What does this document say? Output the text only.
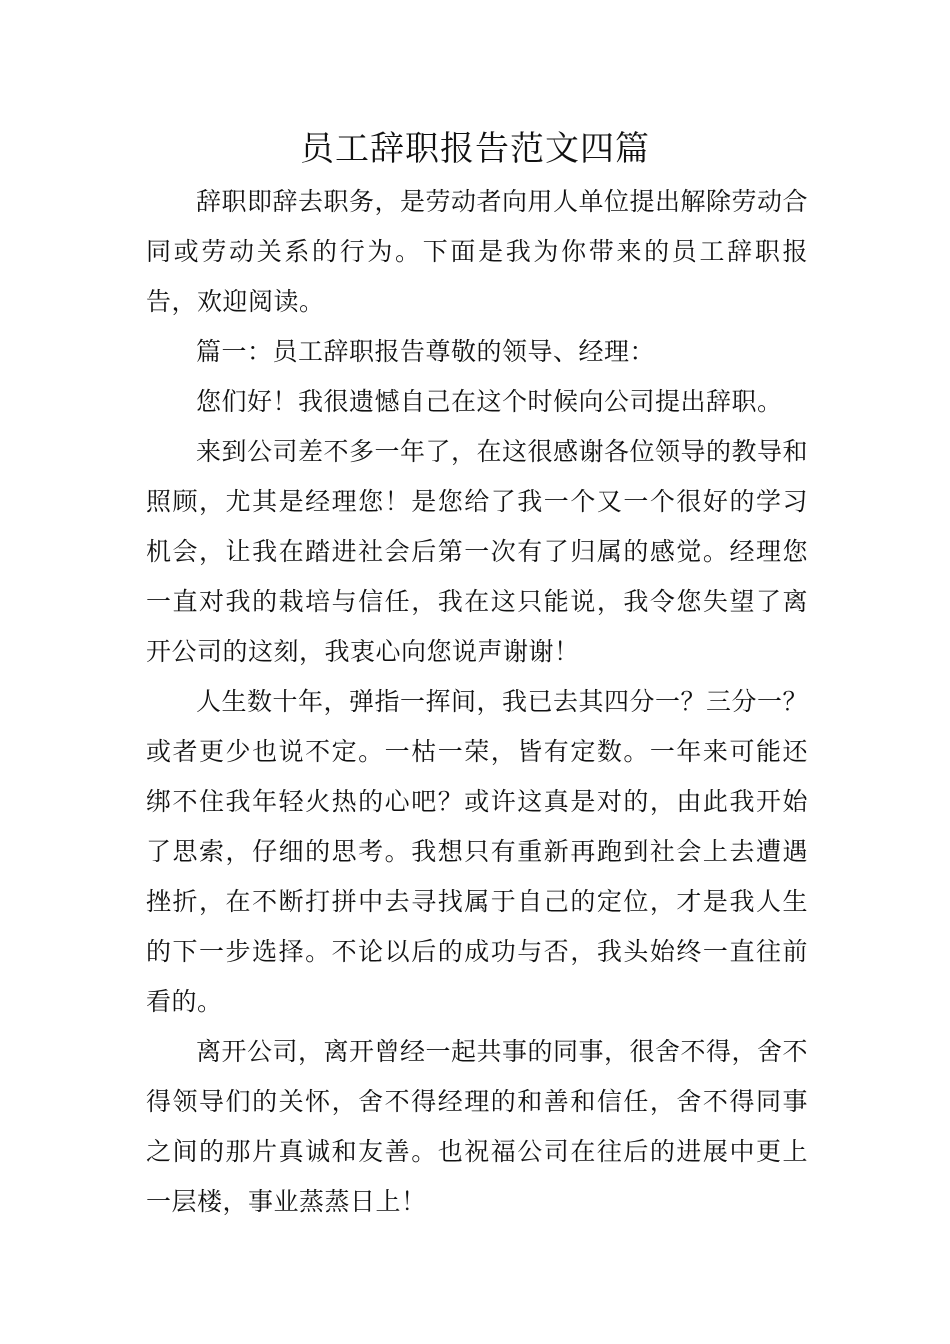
员工辞职报告范文四篇

辞职即辞去职务，是劳动者向用人单位提出解除劳动合同或劳动关系的行为。下面是我为你带来的员工辞职报告，欢迎阅读。

篇一：员工辞职报告尊敬的领导、经理：

您们好！我很遗憾自己在这个时候向公司提出辞职。

来到公司差不多一年了，在这很感谢各位领导的教导和照顾，尤其是经理您！是您给了我一个又一个很好的学习机会，让我在踏进社会后第一次有了归属的感觉。经理您一直对我的栽培与信任，我在这只能说，我令您失望了离开公司的这刻，我衷心向您说声谢谢！

人生数十年，弹指一挥间，我已去其四分一？三分一？或者更少也说不定。一枯一荣，皆有定数。一年来可能还绑不住我年轻火热的心吧？或许这真是对的，由此我开始了思索，仔细的思考。我想只有重新再跑到社会上去遭遇挫折，在不断打拼中去寻找属于自己的定位，才是我人生的下一步选择。不论以后的成功与否，我头始终一直往前看的。

离开公司，离开曾经一起共事的同事，很舍不得，舍不得领导们的关怀，舍不得经理的和善和信任，舍不得同事之间的那片真诚和友善。也祝福公司在往后的进展中更上一层楼，事业蒸蒸日上！
